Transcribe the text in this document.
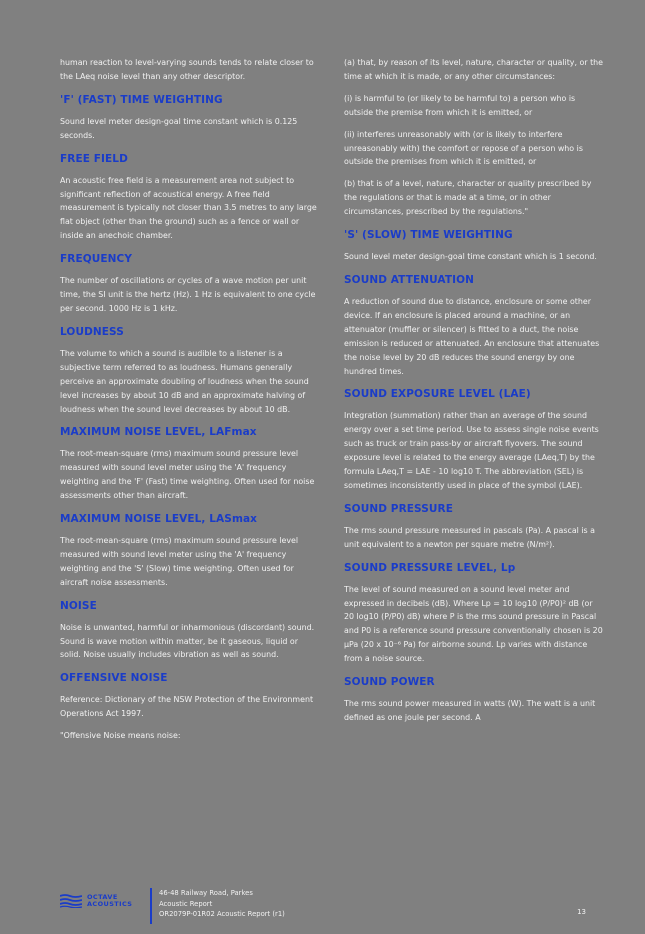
human reaction to level-varying sounds tends to relate closer to the LAeq noise level than any other descriptor.

'F' (FAST) TIME WEIGHTING

Sound level meter design-goal time constant which is 0.125 seconds.

FREE FIELD

An acoustic free field is a measurement area not subject to significant reflection of acoustical energy. A free field measurement is typically not closer than 3.5 metres to any large flat object (other than the ground) such as a fence or wall or inside an anechoic chamber.

FREQUENCY

The number of oscillations or cycles of a wave motion per unit time, the SI unit is the hertz (Hz). 1 Hz is equivalent to one cycle per second. 1000 Hz is 1 kHz.

LOUDNESS

The volume to which a sound is audible to a listener is a subjective term referred to as loudness. Humans generally perceive an approximate doubling of loudness when the sound level increases by about 10 dB and an approximate halving of loudness when the sound level decreases by about 10 dB.

MAXIMUM NOISE LEVEL, LAFmax

The root-mean-square (rms) maximum sound pressure level measured with sound level meter using the 'A' frequency weighting and the 'F' (Fast) time weighting. Often used for noise assessments other than aircraft.

MAXIMUM NOISE LEVEL, LASmax

The root-mean-square (rms) maximum sound pressure level measured with sound level meter using the 'A' frequency weighting and the 'S' (Slow) time weighting. Often used for aircraft noise assessments.

NOISE

Noise is unwanted, harmful or inharmonious (discordant) sound. Sound is wave motion within matter, be it gaseous, liquid or solid. Noise usually includes vibration as well as sound.

OFFENSIVE NOISE

Reference: Dictionary of the NSW Protection of the Environment Operations Act 1997.

"Offensive Noise means noise:

(a) that, by reason of its level, nature, character or quality, or the time at which it is made, or any other circumstances:

(i) is harmful to (or likely to be harmful to) a person who is outside the premise from which it is emitted, or

(ii) interferes unreasonably with (or is likely to interfere unreasonably with) the comfort or repose of a person who is outside the premises from which it is emitted, or

(b) that is of a level, nature, character or quality prescribed by the regulations or that is made at a time, or in other circumstances, prescribed by the regulations."

'S' (SLOW) TIME WEIGHTING

Sound level meter design-goal time constant which is 1 second.

SOUND ATTENUATION

A reduction of sound due to distance, enclosure or some other device. If an enclosure is placed around a machine, or an attenuator (muffler or silencer) is fitted to a duct, the noise emission is reduced or attenuated. An enclosure that attenuates the noise level by 20 dB reduces the sound energy by one hundred times.

SOUND EXPOSURE LEVEL (LAE)

Integration (summation) rather than an average of the sound energy over a set time period. Use to assess single noise events such as truck or train pass-by or aircraft flyovers. The sound exposure level is related to the energy average (LAeq,T) by the formula LAeq,T = LAE - 10 log10 T. The abbreviation (SEL) is sometimes inconsistently used in place of the symbol (LAE).

SOUND PRESSURE

The rms sound pressure measured in pascals (Pa). A pascal is a unit equivalent to a newton per square metre (N/m²).

SOUND PRESSURE LEVEL, Lp

The level of sound measured on a sound level meter and expressed in decibels (dB). Where Lp = 10 log10 (P/P0)² dB (or 20 log10 (P/P0) dB) where P is the rms sound pressure in Pascal and P0 is a reference sound pressure conventionally chosen is 20 μPa (20 x 10⁻⁶ Pa) for airborne sound. Lp varies with distance from a noise source.

SOUND POWER

The rms sound power measured in watts (W). The watt is a unit defined as one joule per second. A

OCTAVE
ACOUSTICS
46-48 Railway Road, Parkes
Acoustic Report
OR2079P-01R02 Acoustic Report (r1)	13
